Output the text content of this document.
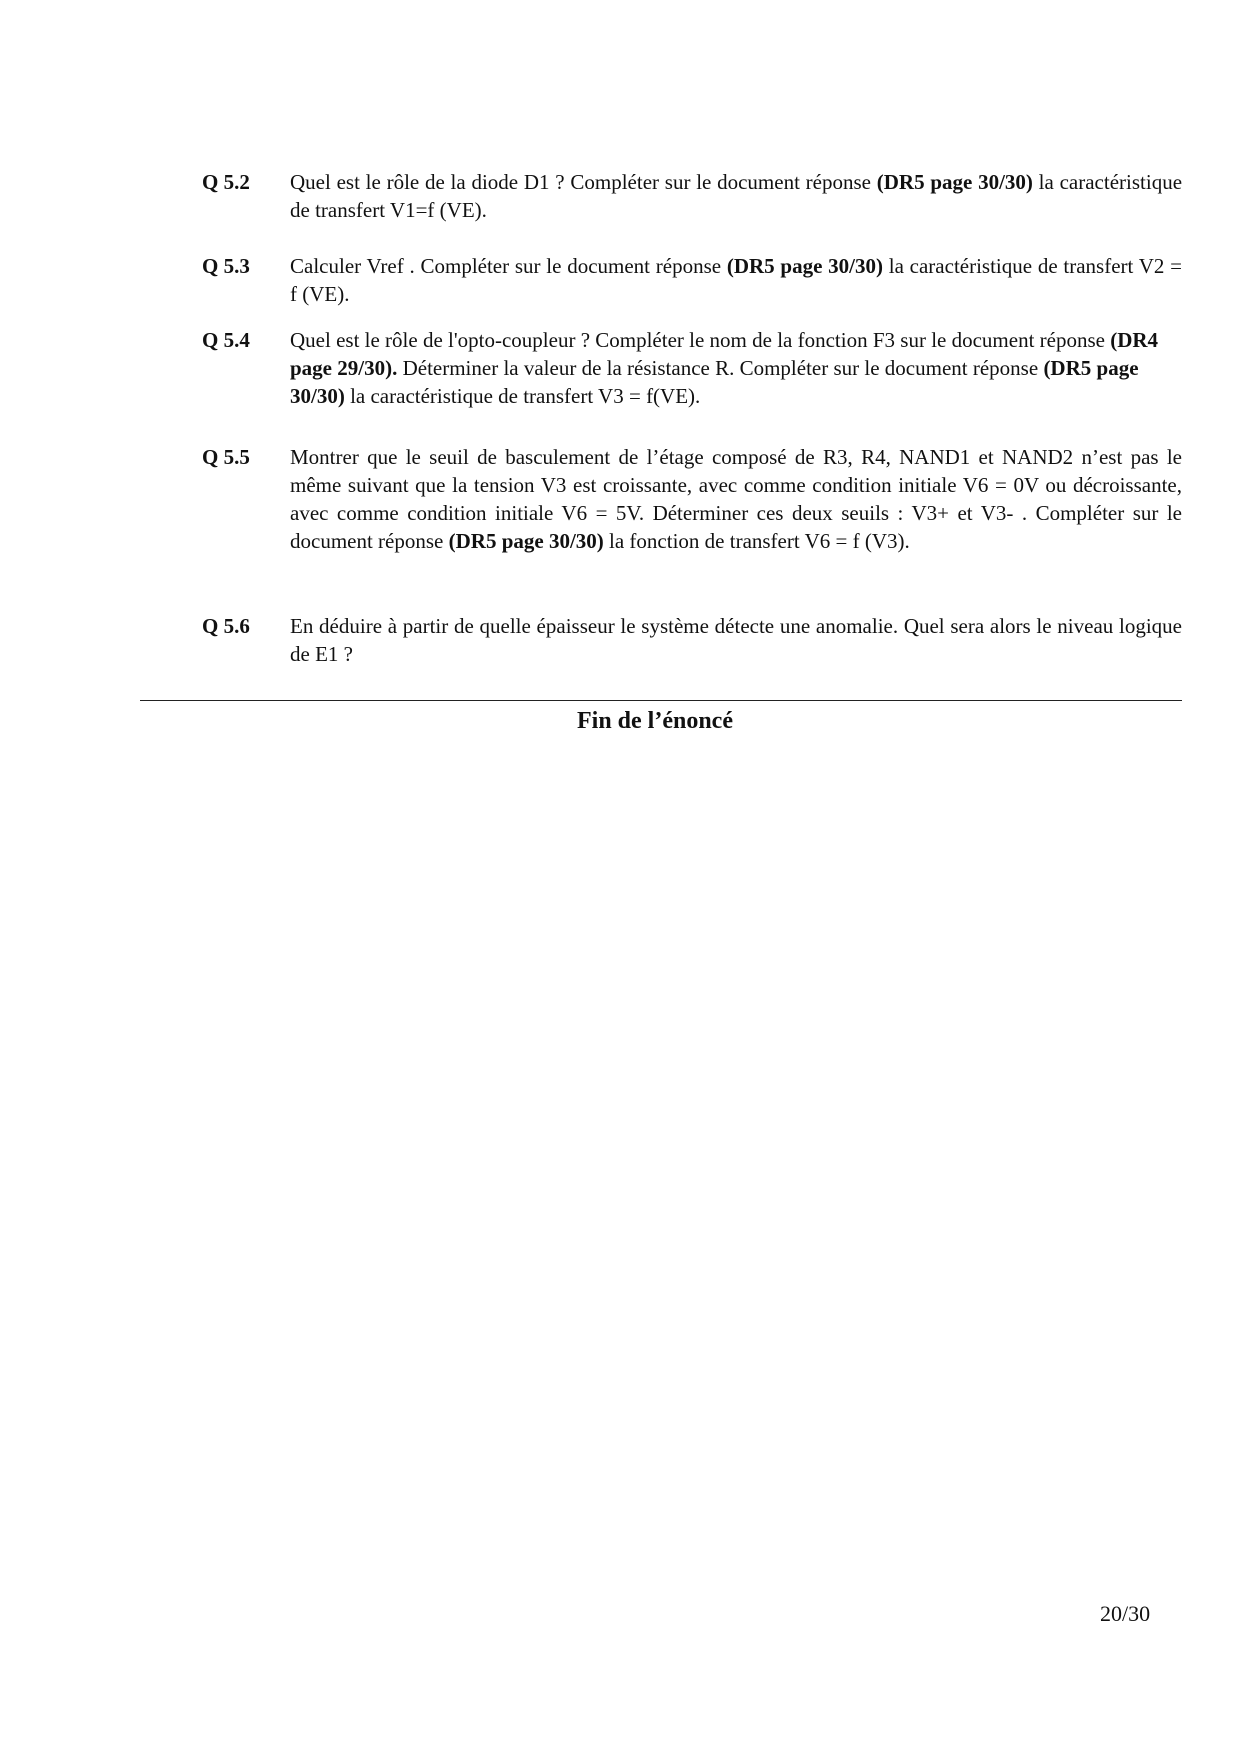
Q 5.2	Quel est le rôle de la diode D1 ? Compléter sur le document réponse (DR5 page 30/30) la caractéristique de transfert V1=f (VE).
Q 5.3	Calculer Vref . Compléter sur le document réponse (DR5 page 30/30) la caractéristique de transfert V2 = f (VE).
Q 5.4	Quel est le rôle de l'opto-coupleur ? Compléter le nom de la fonction F3 sur le document réponse (DR4 page 29/30). Déterminer la valeur de la résistance R. Compléter sur le document réponse (DR5 page 30/30) la caractéristique de transfert V3 = f(VE).
Q 5.5	Montrer que le seuil de basculement de l’étage composé de R3, R4, NAND1 et NAND2 n’est pas le même suivant que la tension V3 est croissante, avec comme condition initiale V6 = 0V ou décroissante, avec comme condition initiale V6 = 5V. Déterminer ces deux seuils : V3+ et V3- . Compléter sur le document réponse (DR5 page 30/30) la fonction de transfert V6 = f (V3).
Q 5.6	En déduire à partir de quelle épaisseur le système détecte une anomalie. Quel sera alors le niveau logique de E1 ?
Fin de l’énoncé
20/30
